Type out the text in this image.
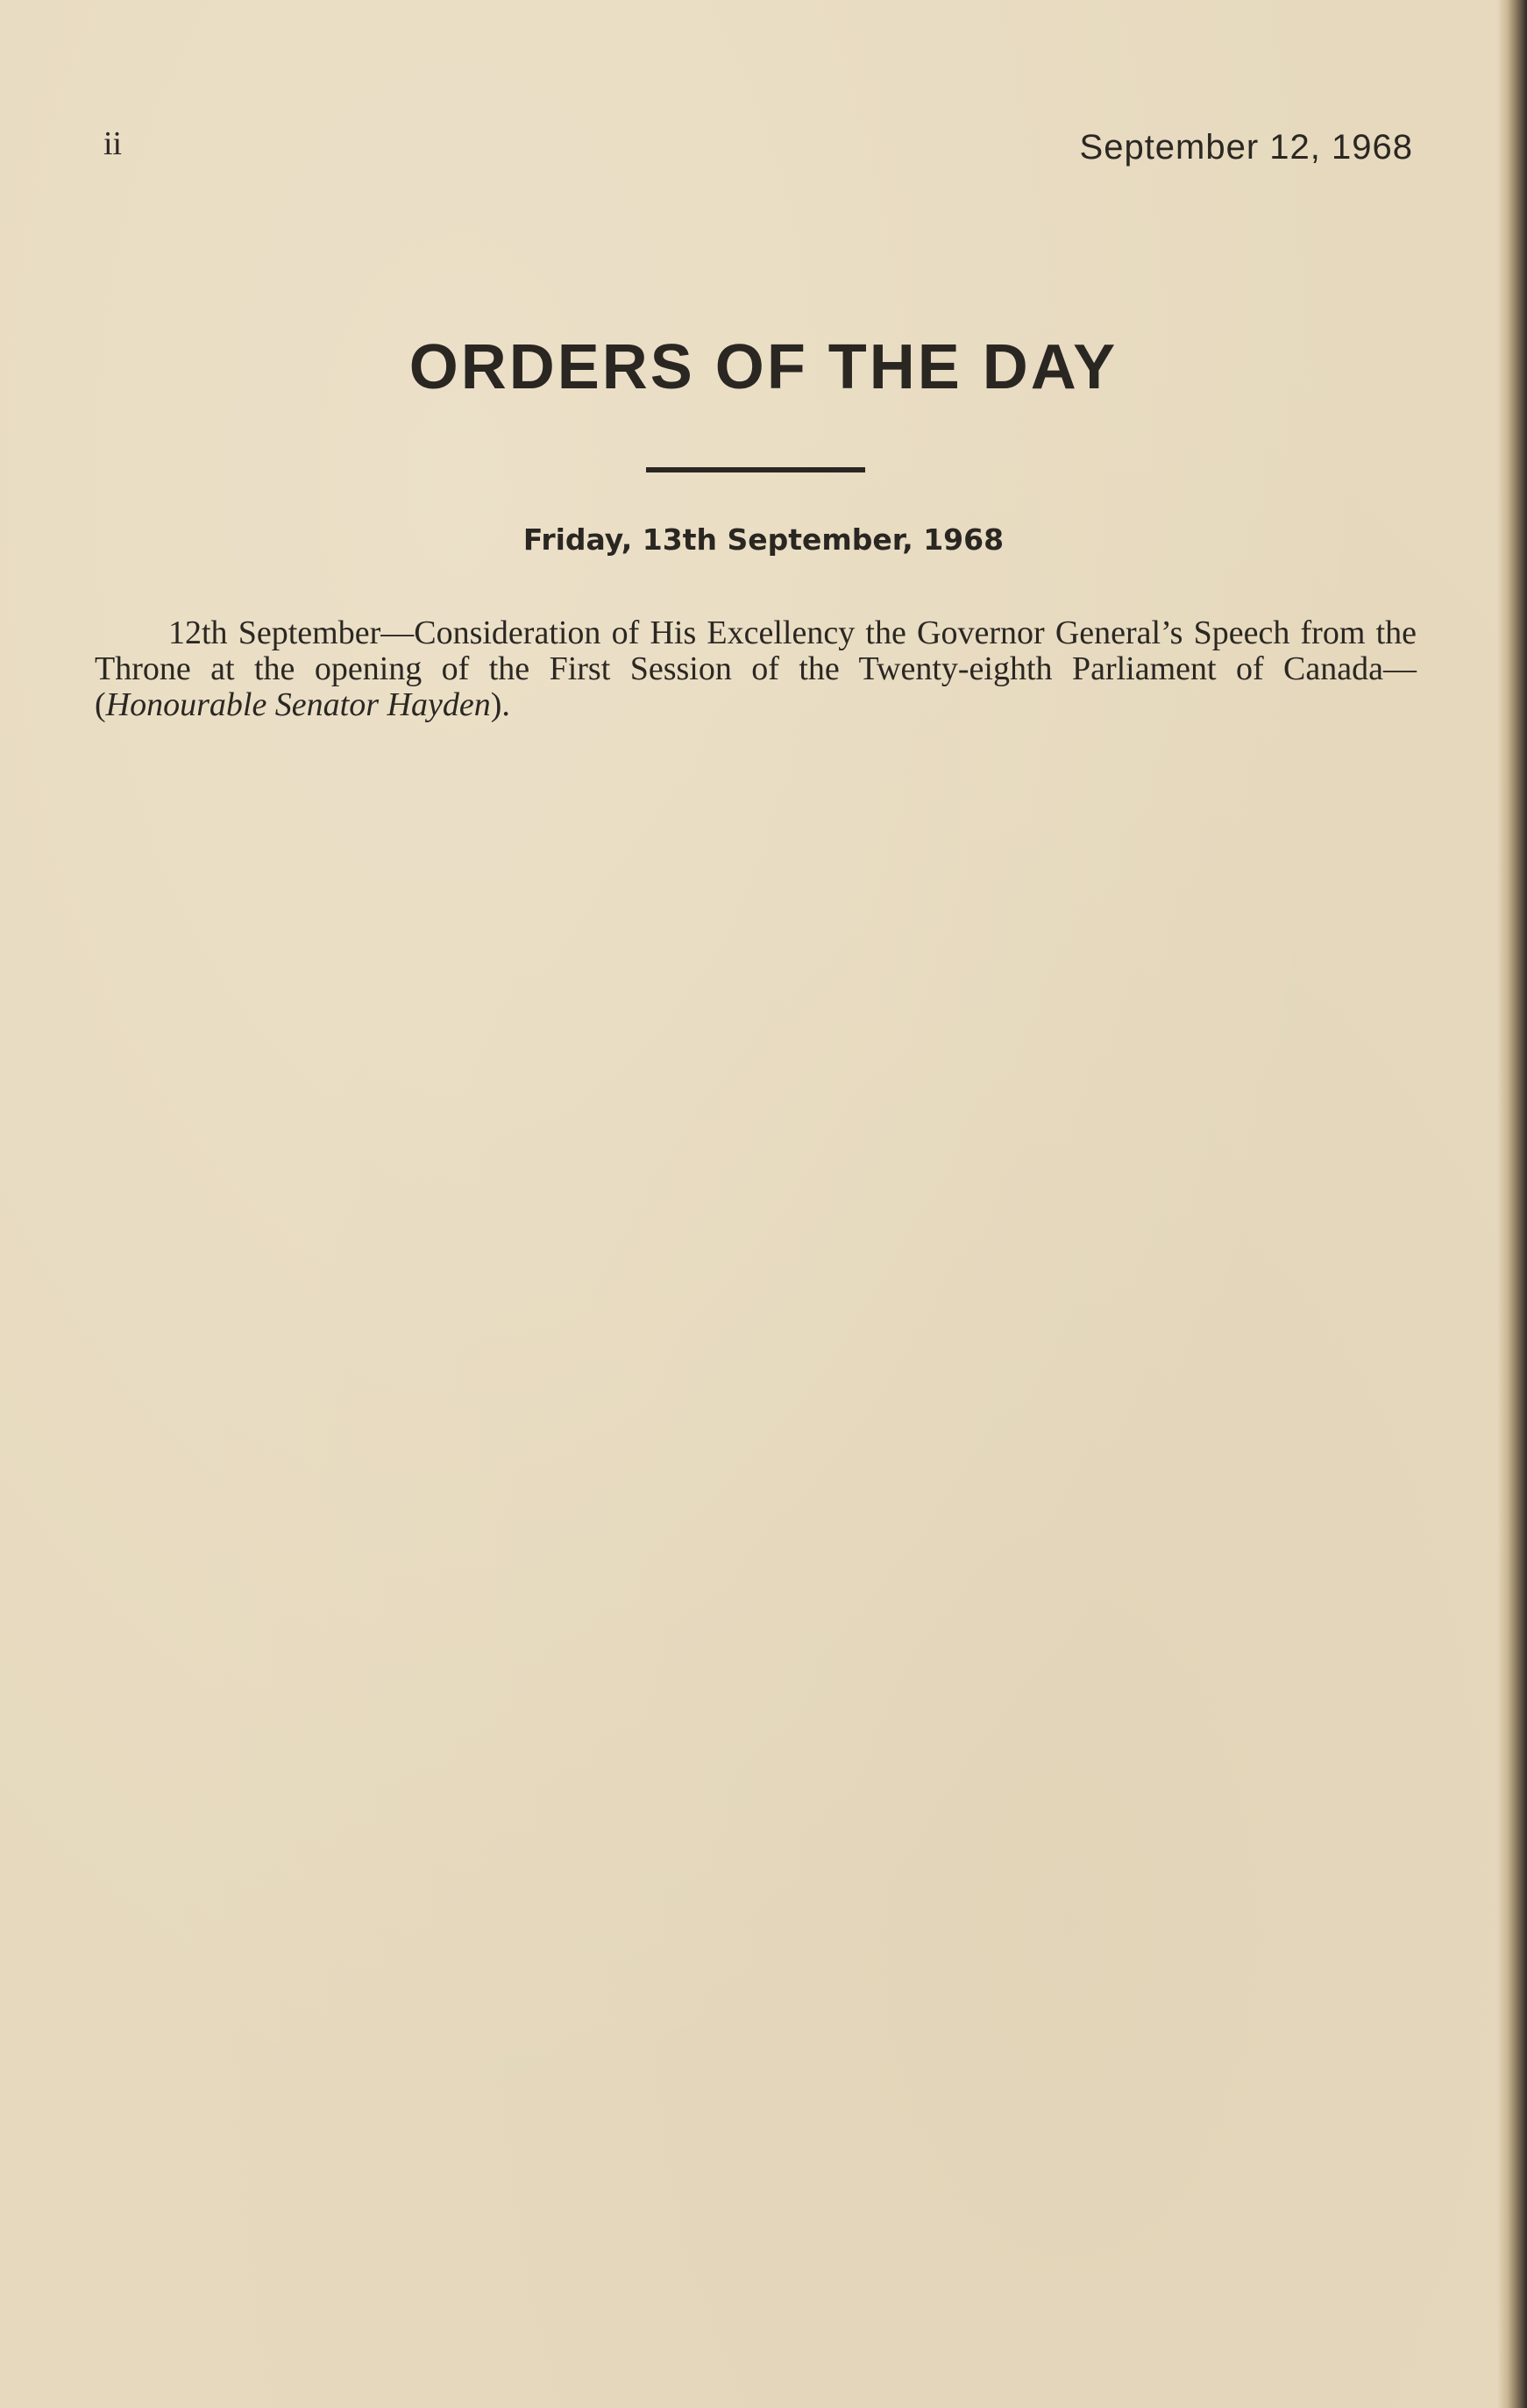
ii	September 12, 1968

ORDERS OF THE DAY
Friday, 13th September, 1968

12th September—Consideration of His Excellency the Governor General’s Speech from the Throne at the opening of the First Session of the Twenty-eighth Parliament of Canada—(Honourable Senator Hayden).
